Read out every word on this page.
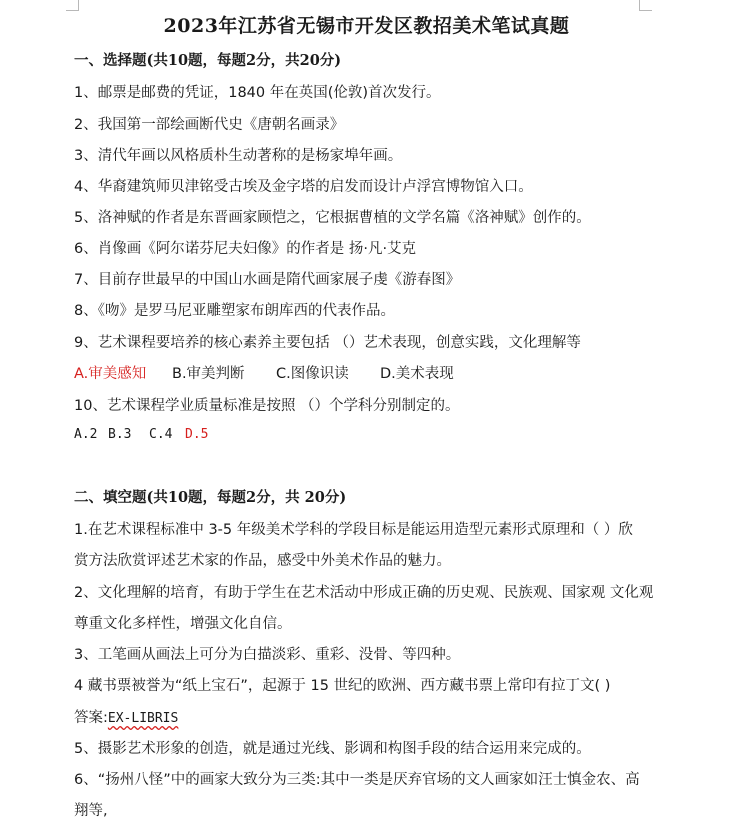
2023年江苏省无锡市开发区教招美术笔试真题
一、选择题(共10题，每题2分，共20分)
1、邮票是邮费的凭证，1840 年在英国(伦敦)首次发行。
2、我国第一部绘画断代史《唐朝名画录》
3、清代年画以风格质朴生动著称的是杨家埠年画。
4、华裔建筑师贝津铭受古埃及金字塔的启发而设计卢浮宫博物馆入口。
5、洛神赋的作者是东晋画家顾恺之，它根据曹植的文学名篇《洛神赋》创作的。
6、肖像画《阿尔诺芬尼夫妇像》的作者是 扬·凡·艾克
7、目前存世最早的中国山水画是隋代画家展子虔《游春图》
8、《吻》是罗马尼亚雕塑家布朗库西的代表作品。
9、艺术课程要培养的核心素养主要包括 （）艺术表现，创意实践，文化理解等
A.审美感知 B.审美判断 C.图像识读 D.美术表现
10、艺术课程学业质量标准是按照 （）个学科分别制定的。
A.2 B.3 C.4 D.5
二、填空题(共10题，每题2分，共 20分)
1.在艺术课程标准中 3-5 年级美术学科的学段目标是能运用造型元素形式原理和（ ）欣
赏方法欣赏评述艺术家的作品，感受中外美术作品的魅力。
2、文化理解的培育，有助于学生在艺术活动中形成正确的历史观、民族观、国家观 文化观
尊重文化多样性，增强文化自信。
3、工笔画从画法上可分为白描淡彩、重彩、没骨、等四种。
4 藏书票被誉为“纸上宝石”，起源于 15 世纪的欧洲、西方藏书票上常印有拉丁文( )
答案:EX-LIBRIS
5、摄影艺术形象的创造，就是通过光线、影调和构图手段的结合运用来完成的。
6、“扬州八怪”中的画家大致分为三类:其中一类是厌弃官场的文人画家如汪士慎金农、高
翔等,
